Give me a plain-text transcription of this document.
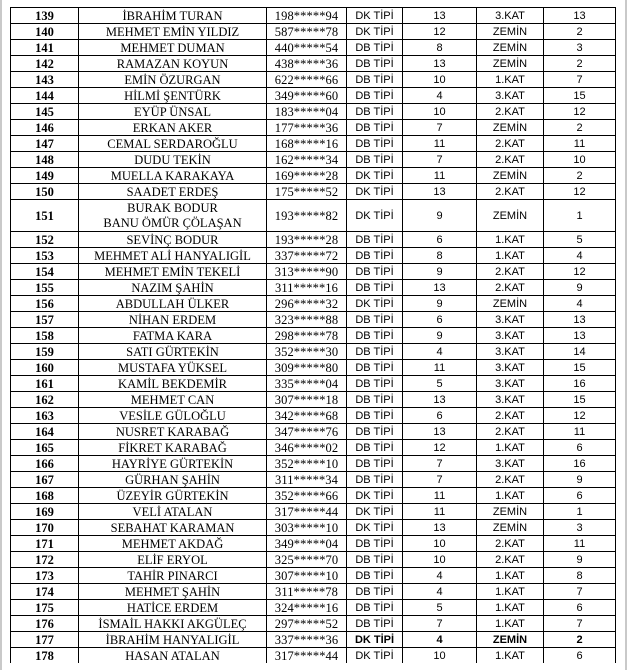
139	İBRAHİM TURAN	198*****94	DK TİPİ	13	3.KAT	13
140	MEHMET EMİN YILDIZ	587*****78	DK TİPİ	12	ZEMİN	2
141	MEHMET DUMAN	440*****54	DB TİPİ	8	ZEMİN	3
142	RAMAZAN KOYUN	438*****36	DB TİPİ	13	ZEMİN	2
143	EMİN ÖZURGAN	622*****66	DB TİPİ	10	1.KAT	7
144	HİLMİ ŞENTÜRK	349*****60	DB TİPİ	4	3.KAT	15
145	EYÜP ÜNSAL	183*****04	DB TİPİ	10	2.KAT	12
146	ERKAN AKER	177*****36	DB TİPİ	7	ZEMİN	2
147	CEMAL SERDAROĞLU	168*****16	DB TİPİ	11	2.KAT	11
148	DUDU TEKİN	162*****34	DB TİPİ	7	2.KAT	10
149	MUELLA KARAKAYA	169*****28	DK TİPİ	11	ZEMİN	2
150	SAADET ERDEŞ	175*****52	DK TİPİ	13	2.KAT	12
151	BURAK BODUR
BANU ÖMÜR ÇÖLAŞAN	193*****82	DK TİPİ	9	ZEMİN	1
152	SEVİNÇ BODUR	193*****28	DB TİPİ	6	1.KAT	5
153	MEHMET ALİ HANYALIGİL	337*****72	DB TİPİ	8	1.KAT	4
154	MEHMET EMİN TEKELİ	313*****90	DB TİPİ	9	2.KAT	12
155	NAZIM ŞAHİN	311*****16	DB TİPİ	13	2.KAT	9
156	ABDULLAH ÜLKER	296*****32	DK TİPİ	9	ZEMİN	4
157	NİHAN ERDEM	323*****88	DB TİPİ	6	3.KAT	13
158	FATMA KARA	298*****78	DB TİPİ	9	3.KAT	13
159	SATI GÜRTEKİN	352*****30	DB TİPİ	4	3.KAT	14
160	MUSTAFA YÜKSEL	309*****80	DB TİPİ	11	3.KAT	15
161	KAMİL BEKDEMİR	335*****04	DB TİPİ	5	3.KAT	16
162	MEHMET CAN	307*****18	DB TİPİ	13	3.KAT	15
163	VESİLE GÜLOĞLU	342*****68	DB TİPİ	6	2.KAT	12
164	NUSRET KARABAĞ	347*****76	DB TİPİ	13	2.KAT	11
165	FİKRET KARABAĞ	346*****02	DB TİPİ	12	1.KAT	6
166	HAYRİYE GÜRTEKİN	352*****10	DB TİPİ	7	3.KAT	16
167	GÜRHAN ŞAHİN	311*****34	DB TİPİ	7	2.KAT	9
168	ÜZEYİR GÜRTEKİN	352*****66	DK TİPİ	11	1.KAT	6
169	VELİ ATALAN	317*****44	DK TİPİ	11	ZEMİN	1
170	SEBAHAT KARAMAN	303*****10	DK TİPİ	13	ZEMİN	3
171	MEHMET AKDAĞ	349*****04	DB TİPİ	10	2.KAT	11
172	ELİF ERYOL	325*****70	DB TİPİ	10	2.KAT	9
173	TAHİR PINARCI	307*****10	DB TİPİ	4	1.KAT	8
174	MEHMET ŞAHİN	311*****78	DB TİPİ	4	1.KAT	7
175	HATİCE ERDEM	324*****16	DB TİPİ	5	1.KAT	6
176	İSMAİL HAKKI AKGÜLEÇ	297*****52	DB TİPİ	7	1.KAT	7
177	İBRAHİM HANYALIGİL	337*****36	DK TİPİ	4	ZEMİN	2
178	HASAN ATALAN	317*****44	DK TİPİ	10	1.KAT	6
